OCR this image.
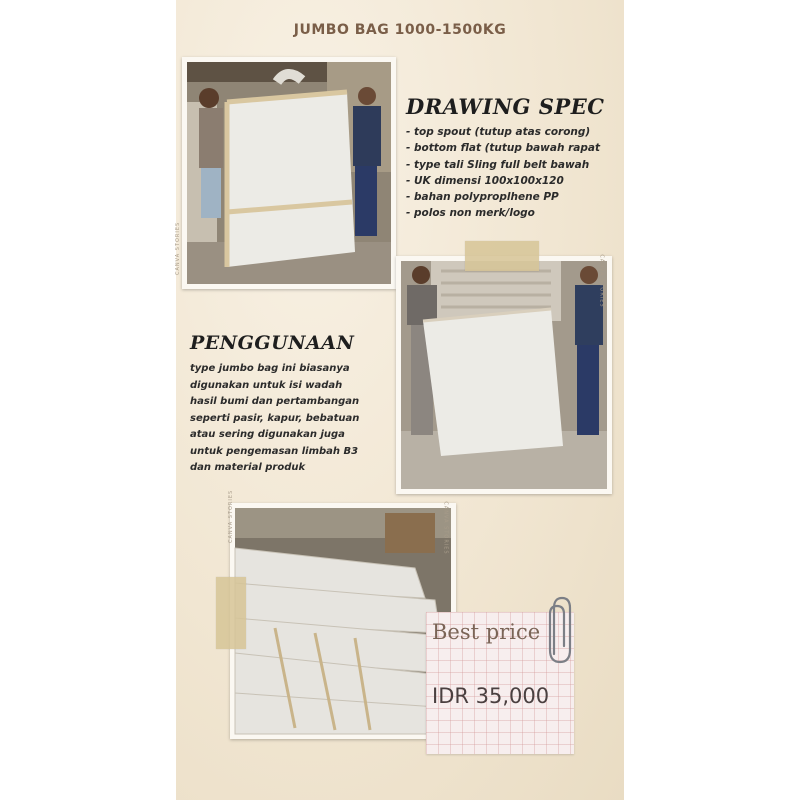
JUMBO BAG 1000-1500KG
CANVA STORIES
DRAWING SPEC
- top spout (tutup atas corong)
- bottom flat (tutup bawah rapat
- type tali Sling full belt bawah
- UK dimensi 100x100x120
- bahan polyproplhene PP
- polos non merk/logo
CANVA STORIES
PENGGUNAAN
type jumbo bag ini biasanya
digunakan untuk isi wadah
hasil bumi dan pertambangan
seperti pasir, kapur, bebatuan
atau sering digunakan juga
untuk pengemasan limbah B3
dan material produk
CANVA STORIES	CANVA STORIES
Best price
IDR 35,000
